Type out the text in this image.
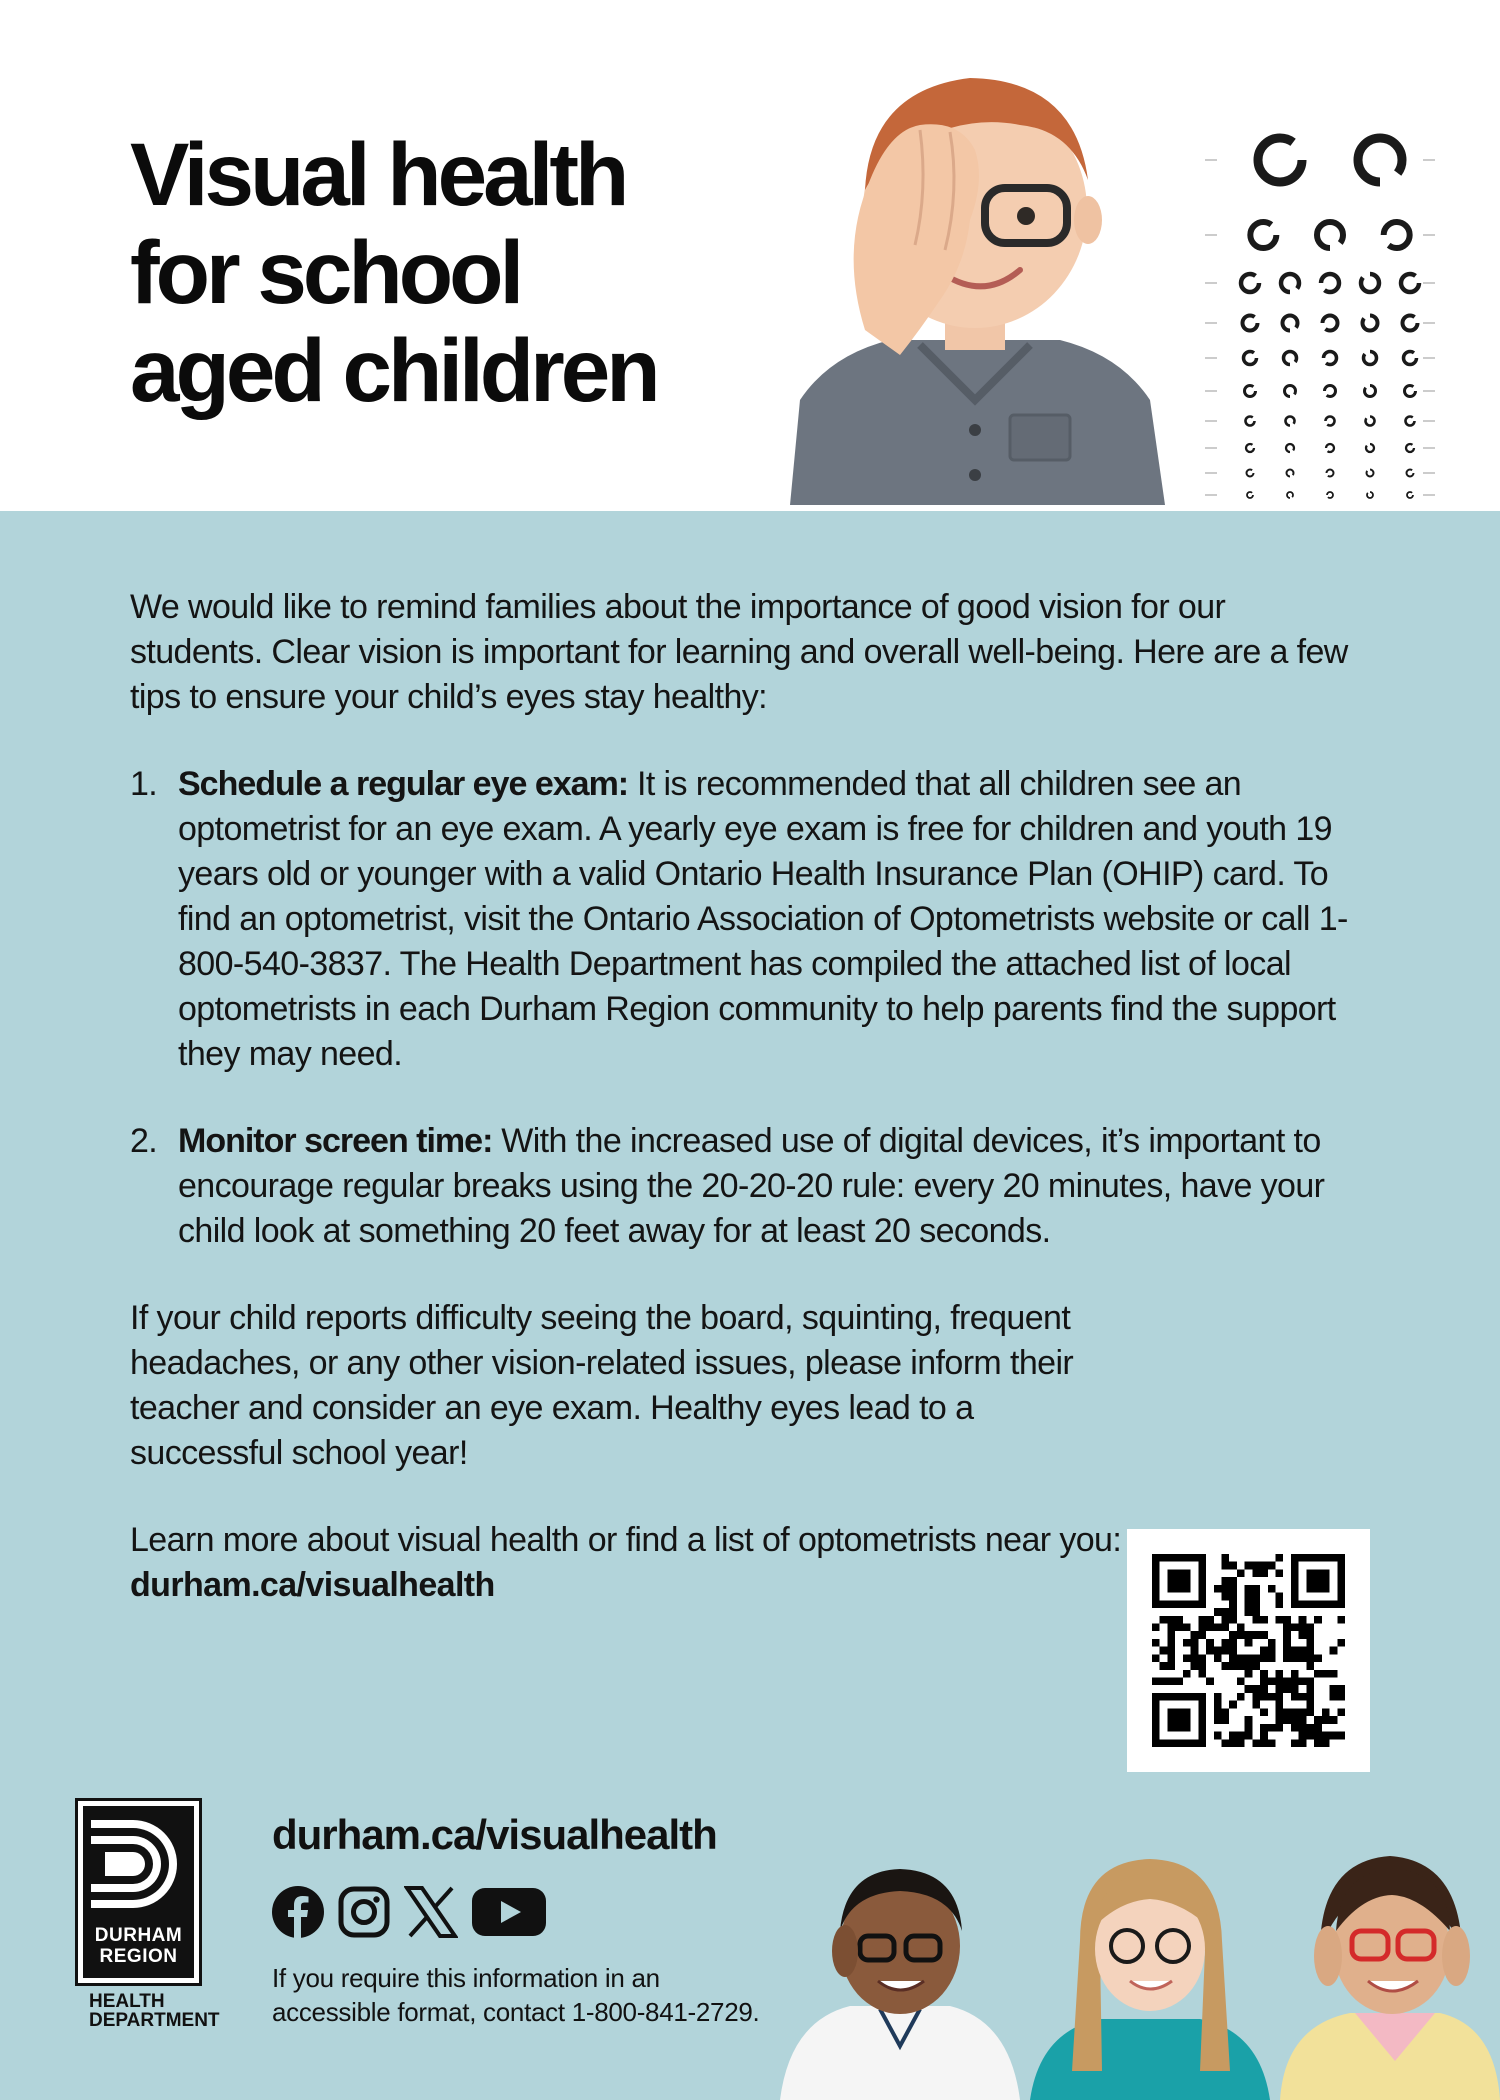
Visual health
for school
aged children

We would like to remind families about the importance of good vision for our students. Clear vision is important for learning and overall well-being. Here are a few tips to ensure your child’s eyes stay healthy:

1. Schedule a regular eye exam: It is recommended that all children see an optometrist for an eye exam. A yearly eye exam is free for children and youth 19 years old or younger with a valid Ontario Health Insurance Plan (OHIP) card. To find an optometrist, visit the Ontario Association of Optometrists website or call 1-800-540-3837. The Health Department has compiled the attached list of local optometrists in each Durham Region community to help parents find the support they may need.
2. Monitor screen time: With the increased use of digital devices, it’s important to encourage regular breaks using the 20-20-20 rule: every 20 minutes, have your child look at something 20 feet away for at least 20 seconds.

If your child reports difficulty seeing the board, squinting, frequent headaches, or any other vision-related issues, please inform their teacher and consider an eye exam. Healthy eyes lead to a successful school year!

Learn more about visual health or find a list of optometrists near you: durham.ca/visualhealth

DURHAM
REGION
HEALTH
DEPARTMENT
durham.ca/visualhealth
If you require this information in an
accessible format, contact 1-800-841-2729.
